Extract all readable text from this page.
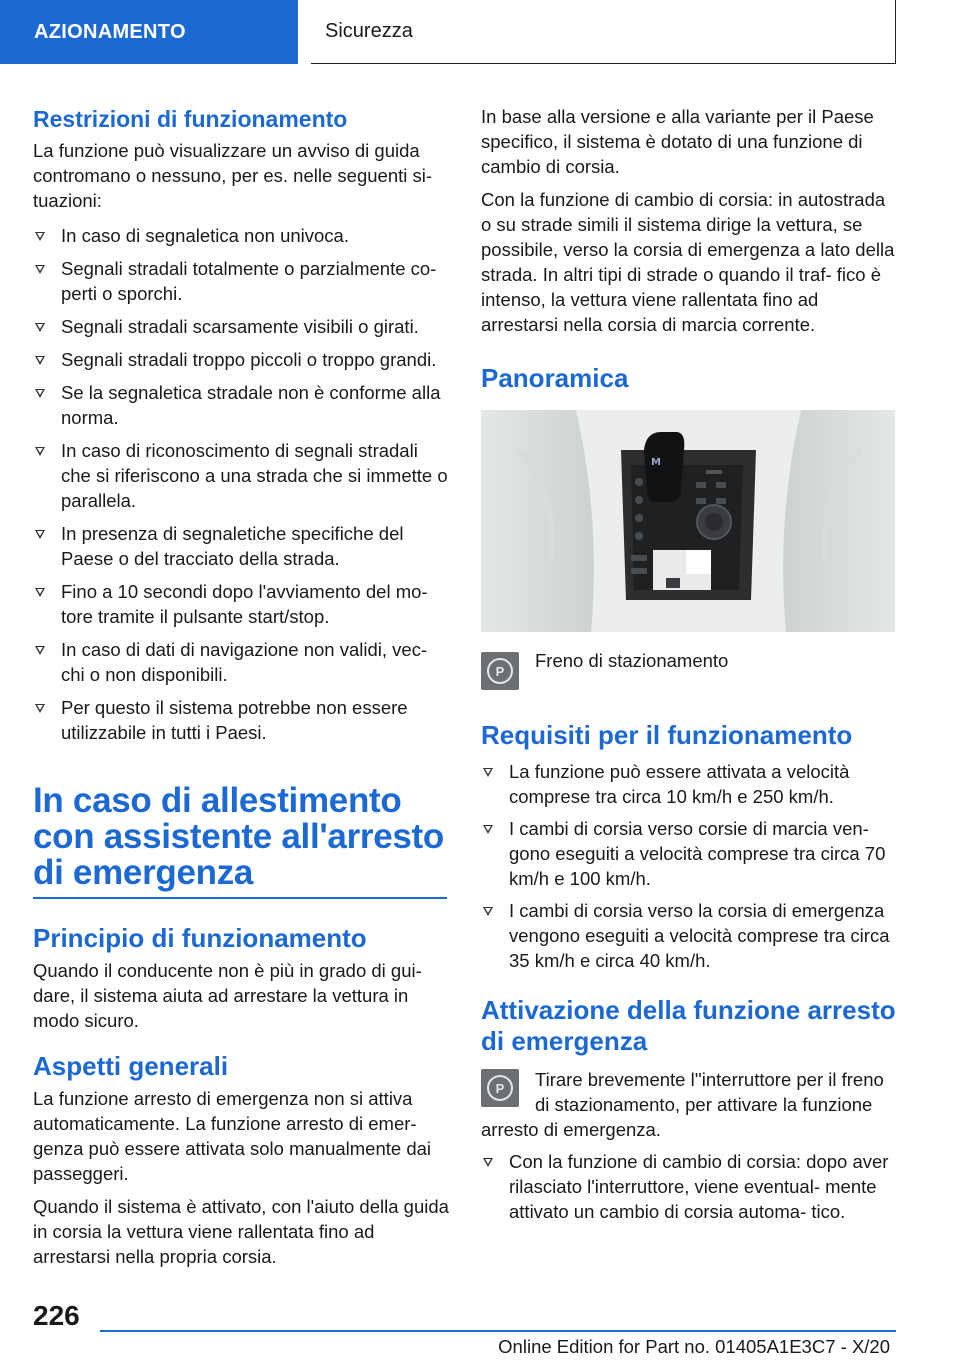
AZIONAMENTO	Sicurezza
Restrizioni di funzionamento

La funzione può visualizzare un avviso di guida contromano o nessuno, per es. nelle seguenti si- tuazioni:

In caso di segnaletica non univoca.
Segnali stradali totalmente o parzialmente co- perti o sporchi.
Segnali stradali scarsamente visibili o girati.
Segnali stradali troppo piccoli o troppo grandi.
Se la segnaletica stradale non è conforme alla norma.
In caso di riconoscimento di segnali stradali che si riferiscono a una strada che si immette o parallela.
In presenza di segnaletiche specifiche del Paese o del tracciato della strada.
Fino a 10 secondi dopo l'avviamento del mo- tore tramite il pulsante start/stop.
In caso di dati di navigazione non validi, vec- chi o non disponibili.
Per questo il sistema potrebbe non essere utilizzabile in tutti i Paesi.
In caso di allestimento con assistente all'arresto di emergenza
Principio di funzionamento

Quando il conducente non è più in grado di gui- dare, il sistema aiuta ad arrestare la vettura in modo sicuro.

Aspetti generali

La funzione arresto di emergenza non si attiva automaticamente. La funzione arresto di emer- genza può essere attivata solo manualmente dai passeggeri.

Quando il sistema è attivato, con l'aiuto della guida in corsia la vettura viene rallentata fino ad arrestarsi nella propria corsia.

In base alla versione e alla variante per il Paese specifico, il sistema è dotato di una funzione di cambio di corsia.

Con la funzione di cambio di corsia: in autostrada o su strade simili il sistema dirige la vettura, se possibile, verso la corsia di emergenza a lato della strada. In altri tipi di strade o quando il traf- fico è intenso, la vettura viene rallentata fino ad arrestarsi nella corsia di marcia corrente.

Panoramica
M
P	Freno di stazionamento

Requisiti per il funzionamento
La funzione può essere attivata a velocità comprese tra circa 10 km/h e 250 km/h.
I cambi di corsia verso corsie di marcia ven- gono eseguiti a velocità comprese tra circa 70 km/h e 100 km/h.
I cambi di corsia verso la corsia di emergenza vengono eseguiti a velocità comprese tra circa 35 km/h e circa 40 km/h.
Attivazione della funzione arresto di emergenza
P	Tirare brevemente l''interruttore per il freno di stazionamento, per attivare la funzione arresto di emergenza.

Con la funzione di cambio di corsia: dopo aver rilasciato l'interruttore, viene eventual- mente attivato un cambio di corsia automa- tico.
226
Online Edition for Part no. 01405A1E3C7 - X/20
